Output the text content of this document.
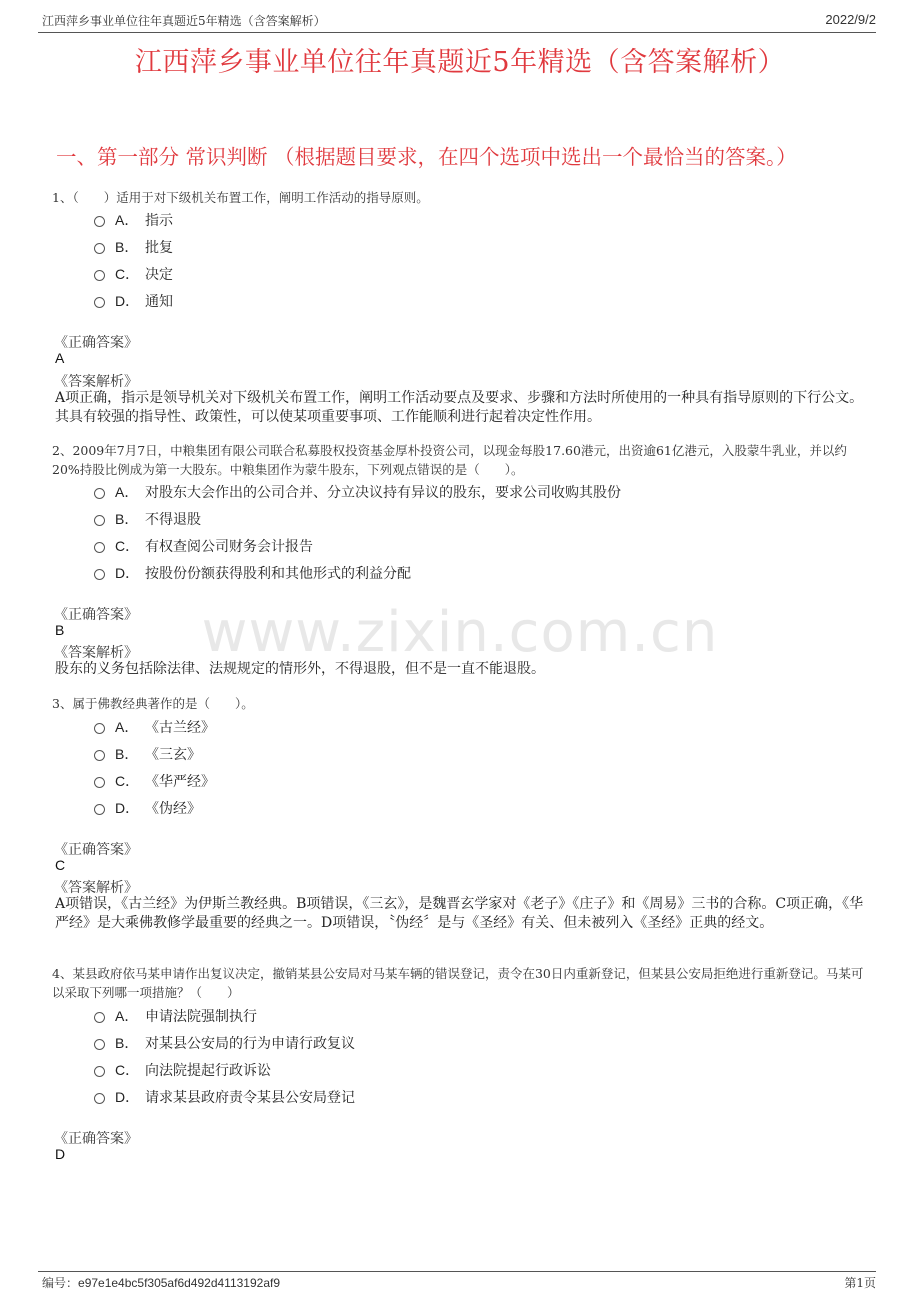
江西萍乡事业单位往年真题近5年精选（含答案解析）	2022/9/2
江西萍乡事业单位往年真题近5年精选（含答案解析）
一、第一部分 常识判断 （根据题目要求，在四个选项中选出一个最恰当的答案。）
www.zixin.com.cn
1、（　　）适用于对下级机关布置工作，阐明工作活动的指导原则。
A． 指示
B． 批复
C． 决定
D． 通知
《正确答案》
A
《答案解析》
A项正确，指示是领导机关对下级机关布置工作，阐明工作活动要点及要求、步骤和方法时所使用的一种具有指导原则的下行公文。其具有较强的指导性、政策性，可以使某项重要事项、工作能顺利进行起着决定性作用。
2、2009年7月7日，中粮集团有限公司联合私募股权投资基金厚朴投资公司，以现金每股17.60港元，出资逾61亿港元，入股蒙牛乳业，并以约20%持股比例成为第一大股东。中粮集团作为蒙牛股东，下列观点错误的是（　　）。
A． 对股东大会作出的公司合并、分立决议持有异议的股东，要求公司收购其股份
B． 不得退股
C． 有权查阅公司财务会计报告
D． 按股份份额获得股利和其他形式的利益分配
《正确答案》
B
《答案解析》
股东的义务包括除法律、法规规定的情形外，不得退股，但不是一直不能退股。
3、属于佛教经典著作的是（　　）。
A． 《古兰经》
B． 《三玄》
C． 《华严经》
D． 《伪经》
《正确答案》
C
《答案解析》
A项错误，《古兰经》为伊斯兰教经典。B项错误，《三玄》，是魏晋玄学家对《老子》《庄子》和《周易》三书的合称。C项正确，《华严经》是大乘佛教修学最重要的经典之一。D项错误，〝伪经〞是与《圣经》有关、但未被列入《圣经》正典的经文。
4、某县政府依马某申请作出复议决定，撤销某县公安局对马某车辆的错误登记，责令在30日内重新登记，但某县公安局拒绝进行重新登记。马某可以采取下列哪一项措施？（　　）
A． 申请法院强制执行
B． 对某县公安局的行为申请行政复议
C． 向法院提起行政诉讼
D． 请求某县政府责令某县公安局登记
《正确答案》
D
编号：e97e1e4bc5f305af6d492d4113192af9	第1页
